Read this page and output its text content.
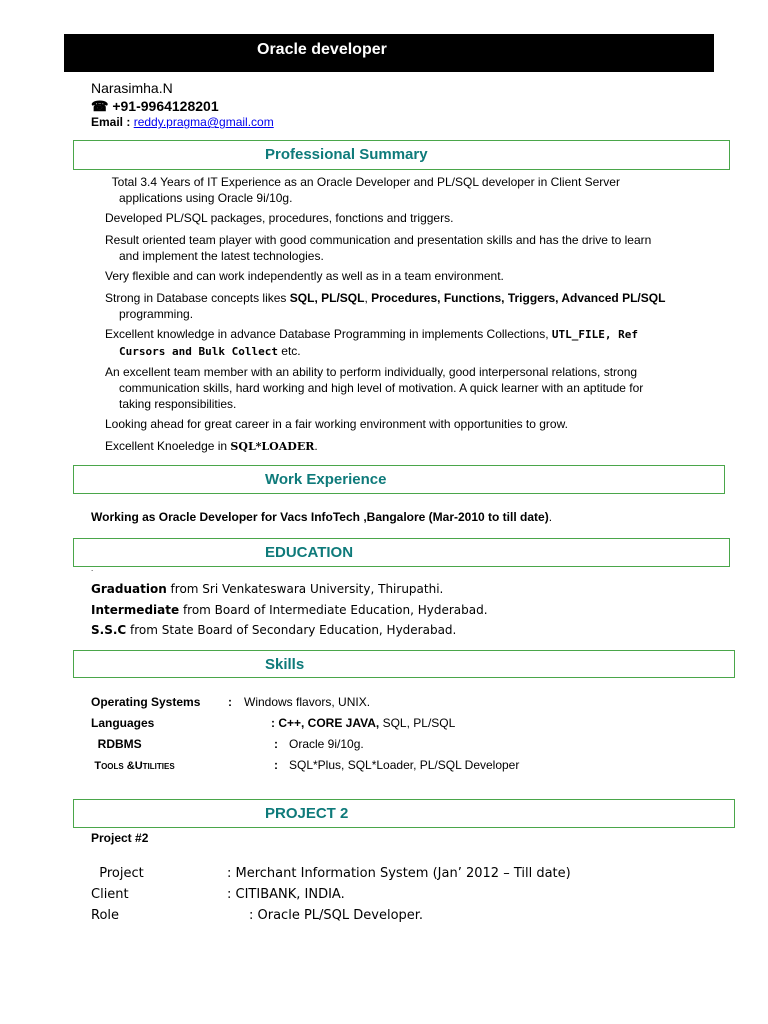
Oracle developer
Narasimha.N
☎ +91-9964128201
Email : reddy.pragma@gmail.com
Professional Summary
Total 3.4 Years of IT Experience as an Oracle Developer and PL/SQL developer in Client Server
applications using Oracle 9i/10g.
Developed PL/SQL packages, procedures, fonctions and triggers.
Result oriented team player with good communication and presentation skills and has the drive to learn
and implement the latest technologies.
Very flexible and can work independently as well as in a team environment.
Strong in Database concepts likes SQL, PL/SQL, Procedures, Functions, Triggers, Advanced PL/SQL
programming.
Excellent knowledge in advance Database Programming in implements Collections, UTL_FILE, Ref
Cursors and Bulk Collect etc.
An excellent team member with an ability to perform individually, good interpersonal relations, strong
communication skills, hard working and high level of motivation. A quick learner with an aptitude for
taking responsibilities.
Looking ahead for great career in a fair working environment with opportunities to grow.
Excellent Knoeledge in SQL*LOADER.
Work Experience
Working as Oracle Developer for Vacs InfoTech ,Bangalore (Mar-2010 to till date).
EDUCATION
.
Graduation from Sri Venkateswara University, Thirupathi.
Intermediate from Board of Intermediate Education, Hyderabad.
S.S.C from State Board of Secondary Education, Hyderabad.
Skills
Operating Systems : Windows flavors, UNIX.
Languages	: C++, CORE JAVA, SQL, PL/SQL
RDBMS	: Oracle 9i/10g.
Tools &Utilities	: SQL*Plus, SQL*Loader, PL/SQL Developer
PROJECT 2
Project #2
Project	: Merchant Information System (Jan’ 2012 – Till date)
Client	: CITIBANK, INDIA.
Role	: Oracle PL/SQL Developer.
